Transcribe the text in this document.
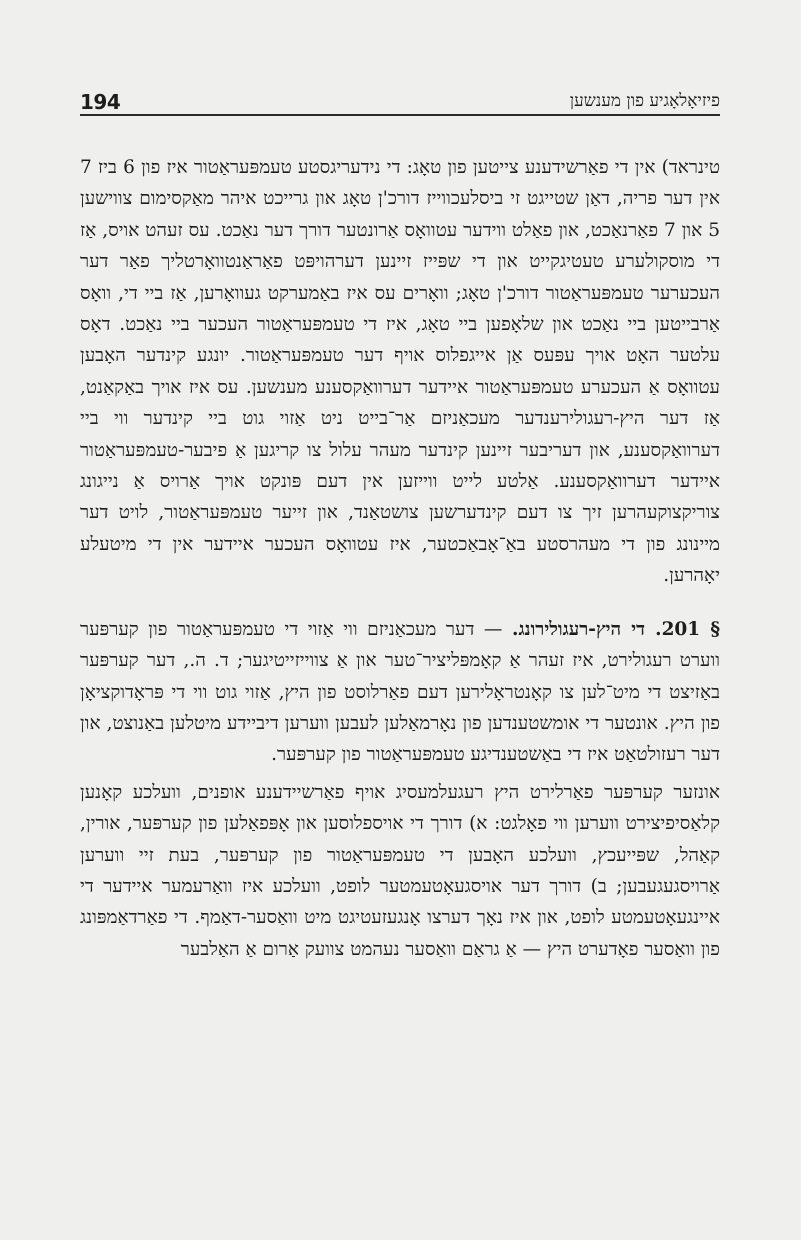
194	פיזיאָלאָגיע פון מענשען

טינראד) אין די פאַרשידענע צייטען פון טאָג: די נידעריגסטע טעמפּעראַטור איז פון 6 ביז 7 אין דער פריה, דאַן שטייגט זי ביסלעכווייז דורכ'ן טאָג און גרייכט איהר מאַקסימום צווישען 5 און 7 פאַרנאַכט, און פאַלט ווידער עטוואָס אַרונטער דורך דער נאַכט. עס זעהט אויס, אַז די מוסקולערע טעטיגקייט און די שפּייז זיינען דערהויפּט פאַראַנטוואָרטליך פאַר דער העכערער טעמפּעראַטור דורכ'ן טאָג; וואָרים עס איז באַמערקט געוואָרען, אַז ביי די, וואָס אַרבייטען ביי נאַכט און שלאָפען ביי טאָג, איז די טעמפּעראַטור העכער ביי נאַכט. דאָס עלטער האָט אויך עפּעס אַן אייגפלוס אויף דער טעמפּעראַטור. יונגע קינדער האָבען עטוואָס אַ העכערע טעמפּעראַטור איידער דערוואַקסענע מענשען. עס איז אויך באַקאַנט, אַז דער היץ-רעגולירענדער מעכאַניזם אַר־בייט ניט אַזוי גוט ביי קינדער ווי ביי דערוואַקסענע, און דעריבער זיינען קינדער מעהר עלול צו קריגען אַ פיבער-טעמפּעראַטור איידער דערוואַקסענע. אַלטע לייט ווייזען אין דעם פּונקט אויך אַרויס אַ נייגונג צוריקצוקעהרען זיך צו דעם קינדערשען צושטאַנד, און זייער טעמפּעראַטור, לויט דער מיינונג פון די מעהרסטע באַ־אָבאַכטער, איז עטוואָס העכער איידער אין די מיטעלע יאָהרען.

§ 201. די היץ-רעגולירונג. — דער מעכאַניזם ווי אַזוי די טעמפּעראַטור פון קערפּער ווערט רעגולירט, איז זעהר אַ קאָמפּליציר־טער און אַ צווייזייטיגער; ד. ה., דער קערפּער באַזיצט די מיט־לען צו קאָנטראָלירען דעם פאַרלוסט פון היץ, אַזוי גוט ווי די פּראָדוקציאָן פון היץ. אונטער די אומשטענדען פון נאָרמאַלען לעבען ווערען דיביידע מיטלען באַנוצט, און דער רעזולטאַט איז די באַשטענדיגע טעמפּעראַטור פון קערפּער.

אונזער קערפּער פאַרלירט היץ רעגעלמעסיג אויף פאַרשיידענע אופנים, וועלכע קאָנען קלאַסיפיצירט ווערען ווי פאָלגט: א) דורך די אויספלוסען און אָפּפאַלען פון קערפּער, אורין, קאַהל, שפּייעכץ, וועלכע האָבען די טעמפּעראַטור פון קערפּער, בעת זיי ווערען אַרויסגעגעבען; ב) דורך דער אויסגעאָטעמטער לופט, וועלכע איז וואַרעמער איידער די איינגעאָטעמטע לופט, און איז נאָך דערצו אָנגעזעטיגט מיט וואַסער-דאַמף. די פאַרדאַמפּונג פון וואַסער פאָדערט היץ — אַ גראַם וואַסער נעהמט צוועק אַרום אַ האַלבער
